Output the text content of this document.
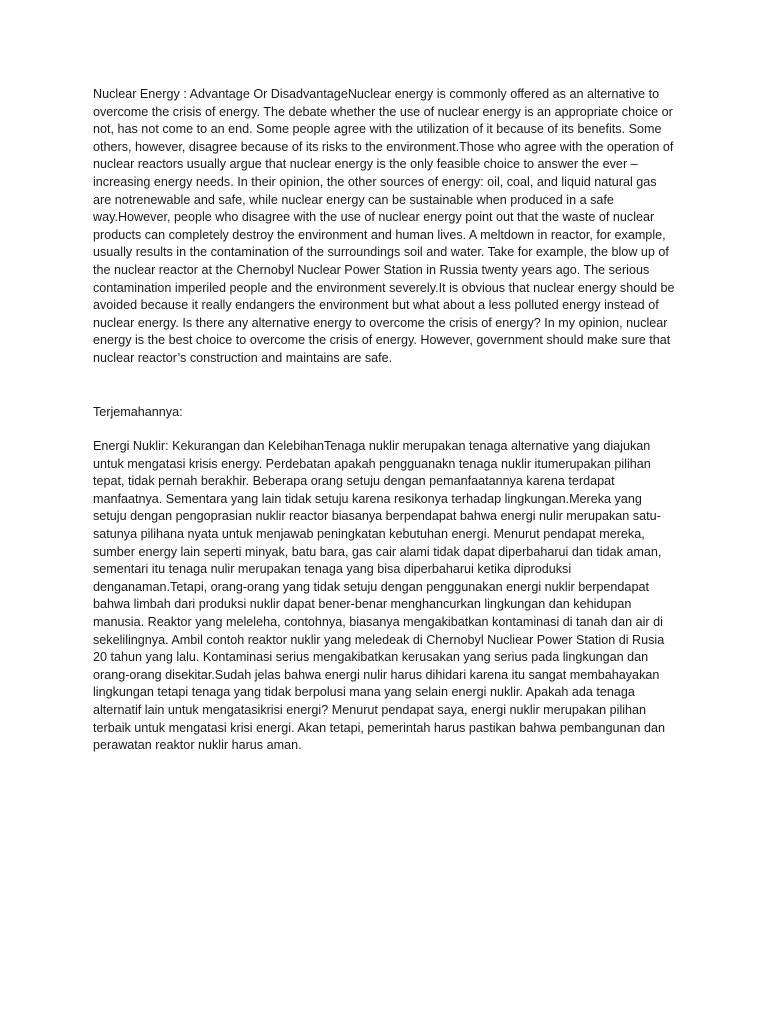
Nuclear Energy : Advantage Or DisadvantageNuclear energy is commonly offered as an alternative to overcome the crisis of energy. The debate whether the use of nuclear energy is an appropriate choice or not, has not come to an end. Some people agree with the utilization of it because of its benefits. Some others, however, disagree because of its risks to the environment.Those who agree with the operation of nuclear reactors usually argue that nuclear energy is the only feasible choice to answer the ever – increasing energy needs. In their opinion, the other sources of energy: oil, coal, and liquid natural gas are notrenewable and safe, while nuclear energy can be sustainable when produced in a safe way.However, people who disagree with the use of nuclear energy point out that the waste of nuclear products can completely destroy the environment and human lives. A meltdown in reactor, for example, usually results in the contamination of the surroundings soil and water. Take for example, the blow up of the nuclear reactor at the Chernobyl Nuclear Power Station in Russia twenty years ago. The serious contamination imperiled people and the environment severely.It is obvious that nuclear energy should be avoided because it really endangers the environment but what about a less polluted energy instead of nuclear energy. Is there any alternative energy to overcome the crisis of energy? In my opinion, nuclear energy is the best choice to overcome the crisis of energy. However, government should make sure that nuclear reactor’s construction and maintains are safe.

Terjemahannya:

Energi Nuklir: Kekurangan dan KelebihanTenaga nuklir merupakan tenaga alternative yang diajukan untuk mengatasi krisis energy. Perdebatan apakah pengguanakn tenaga nuklir itumerupakan pilihan tepat, tidak pernah berakhir. Beberapa orang setuju dengan pemanfaatannya karena terdapat manfaatnya. Sementara yang lain tidak setuju karena resikonya terhadap lingkungan.Mereka yang setuju dengan pengoprasian nuklir reactor biasanya berpendapat bahwa energi nulir merupakan satu-satunya pilihana nyata untuk menjawab peningkatan kebutuhan energi. Menurut pendapat mereka, sumber energy lain seperti minyak, batu bara, gas cair alami tidak dapat diperbaharui dan tidak aman, sementari itu tenaga nulir merupakan tenaga yang bisa diperbaharui ketika diproduksi denganaman.Tetapi, orang-orang yang tidak setuju dengan penggunakan energi nuklir berpendapat bahwa limbah dari produksi nuklir dapat bener-benar menghancurkan lingkungan dan kehidupan manusia. Reaktor yang meleleha, contohnya, biasanya mengakibatkan kontaminasi di tanah dan air di sekelilingnya. Ambil contoh reaktor nuklir yang meledeak di Chernobyl Nucliear Power Station di Rusia 20 tahun yang lalu. Kontaminasi serius mengakibatkan kerusakan yang serius pada lingkungan dan orang-orang disekitar.Sudah jelas bahwa energi nulir harus dihidari karena itu sangat membahayakan lingkungan tetapi tenaga yang tidak berpolusi mana yang selain energi nuklir. Apakah ada tenaga alternatif lain untuk mengatasikrisi energi? Menurut pendapat saya, energi nuklir merupakan pilihan terbaik untuk mengatasi krisi energi. Akan tetapi, pemerintah harus pastikan bahwa pembangunan dan perawatan reaktor nuklir harus aman.
